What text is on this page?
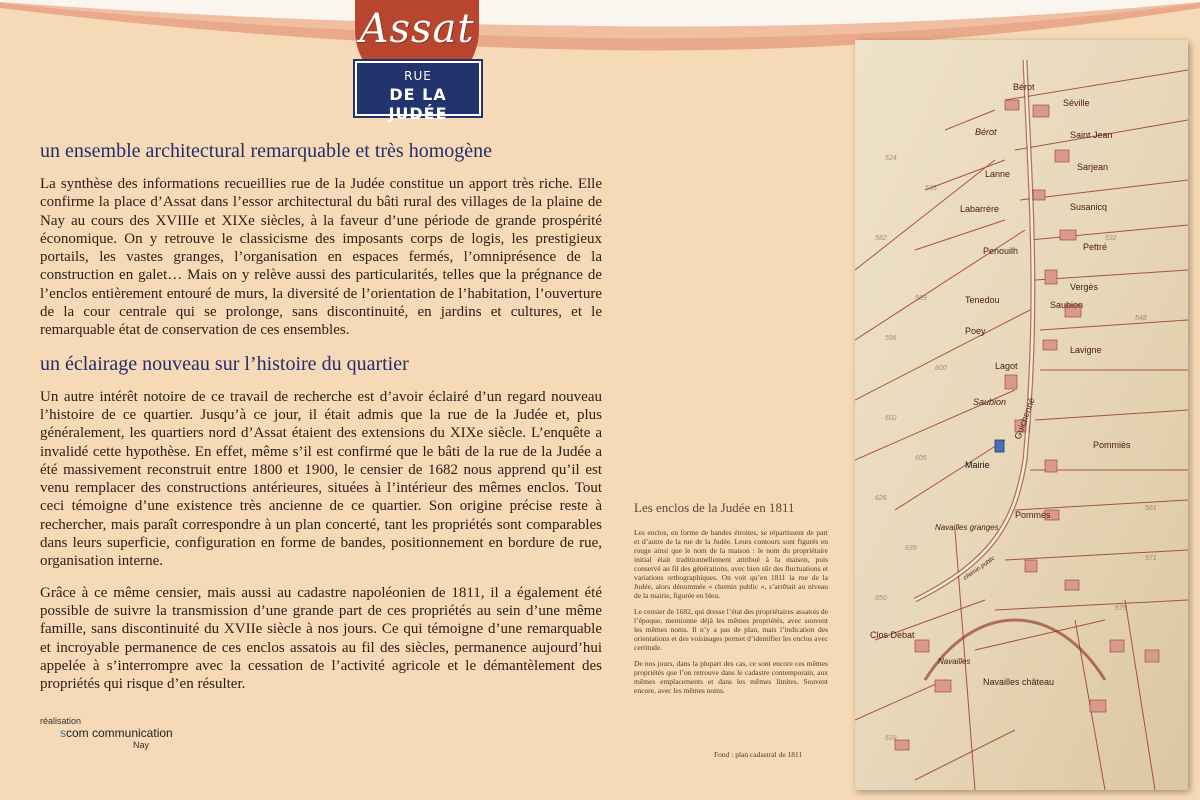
Assat
RUE
DE LA JUDÉE
un ensemble architectural remarquable et très homogène

La synthèse des informations recueillies rue de la Judée constitue un apport très riche. Elle confirme la place d’Assat dans l’essor architectural du bâti rural des villages de la plaine de Nay au cours des XVIIIe et XIXe siècles, à la faveur d’une période de grande prospérité économique. On y retrouve le classicisme des imposants corps de logis, les prestigieux portails, les vastes granges, l’organisation en espaces fermés, l’omniprésence de la construction en galet… Mais on y relève aussi des particularités, telles que la prégnance de l’enclos entièrement entouré de murs, la diversité de l’orientation de l’habitation, l’ouverture de la cour centrale qui se prolonge, sans discontinuité, en jardins et cultures, et le remarquable état de conservation de ces ensembles.

un éclairage nouveau sur l’histoire du quartier

Un autre intérêt notoire de ce travail de recherche est d’avoir éclairé d’un regard nouveau l’histoire de ce quartier. Jusqu’à ce jour, il était admis que la rue de la Judée et, plus généralement, les quartiers nord d’Assat étaient des extensions du XIXe siècle. L’enquête a invalidé cette hypothèse. En effet, même s’il est confirmé que le bâti de la rue de la Judée a été massivement reconstruit entre 1800 et 1900, le censier de 1682 nous apprend qu’il est venu remplacer des constructions antérieures, situées à l’intérieur des mêmes enclos. Tout ceci témoigne d’une existence très ancienne de ce quartier. Son origine précise reste à rechercher, mais paraît correspondre à un plan concerté, tant les propriétés sont comparables dans leurs superficie, configuration en forme de bandes, positionnement en bordure de rue, organisation interne.

Grâce à ce même censier, mais aussi au cadastre napoléonien de 1811, il a également été possible de suivre la transmission d’une grande part de ces propriétés au sein d’une même famille, sans discontinuité du XVIIe siècle à nos jours. Ce qui témoigne d’une remarquable et incroyable permanence de ces enclos assatois au fil des siècles, permanence aujourd’hui appelée à s’interrompre avec la cessation de l’activité agricole et le démantèlement des propriétés qui risque d’en résulter.

réalisation
scom communication
Nay
Les enclos de la Judée en 1811

Les enclos, en forme de bandes étroites, se répartissent de part et d’autre de la rue de la Judée. Leurs contours sont figurés en rouge ainsi que le nom de la maison : le nom du propriétaire initial était traditionnellement attribué à la maison, puis conservé au fil des générations, avec bien sûr des fluctuations et variations orthographiques. On voit qu’en 1811 la rue de la Judée, alors dénommée « chemin public », s’arrêtait au niveau de la mairie, figurée en bleu.

Le censier de 1682, qui dresse l’état des propriétaires assatois de l’époque, mentionne déjà les mêmes propriétés, avec souvent les mêmes noms. Il n’y a pas de plan, mais l’indication des orientations et des voisinages permet d’identifier les enclos avec certitude.

De nos jours, dans la plupart des cas, ce sont encore ces mêmes propriétés que l’on retrouve dans le cadastre contemporain, aux mêmes emplacements et dans les mêmes limites. Souvent encore, avec les mêmes noms.

Fond : plan cadastral de 1811
Bérot
Séville
Bérot	Saint Jean
Sarjean
Lanne
Labarrère	Susanicq
Pettré
Penouilh
Vergès
Tenedou	Saubion
Poey
Lavigne
Lagot
Saubion Guichenné
Pommiès
Mairie
Pommès
Navailles granges
Clos Debat
Navailles
Navailles château
chemin public
524
535
582
589
596
600
602
605
626
639
650
532
548
561
571
575
618
